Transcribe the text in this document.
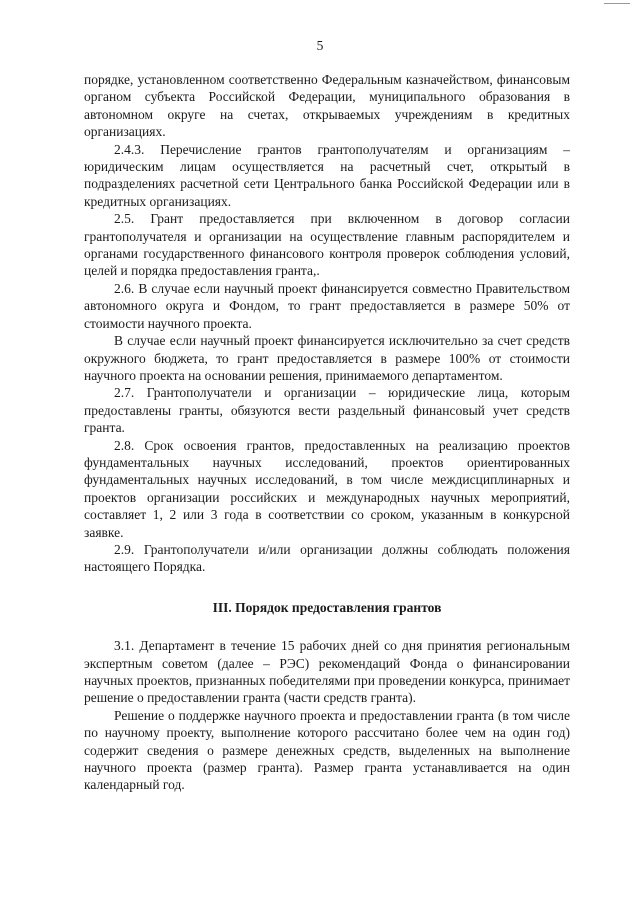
5

порядке, установленном соответственно Федеральным казначейством, финансовым органом субъекта Российской Федерации, муниципального образования в автономном округе на счетах, открываемых учреждениям в кредитных организациях.

2.4.3. Перечисление грантов грантополучателям и организациям – юридическим лицам осуществляется на расчетный счет, открытый в подразделениях расчетной сети Центрального банка Российской Федерации или в кредитных организациях.

2.5. Грант предоставляется при включенном в договор согласии грантополучателя и организации на осуществление главным распорядителем и органами государственного финансового контроля проверок соблюдения условий, целей и порядка предоставления гранта,.

2.6. В случае если научный проект финансируется совместно Правительством автономного округа и Фондом, то грант предоставляется в размере 50% от стоимости научного проекта.

В случае если научный проект финансируется исключительно за счет средств окружного бюджета, то грант предоставляется в размере 100% от стоимости научного проекта на основании решения, принимаемого департаментом.

2.7. Грантополучатели и организации – юридические лица, которым предоставлены гранты, обязуются вести раздельный финансовый учет средств гранта.

2.8. Срок освоения грантов, предоставленных на реализацию проектов фундаментальных научных исследований, проектов ориентированных фундаментальных научных исследований, в том числе междисциплинарных и проектов организации российских и международных научных мероприятий, составляет 1, 2 или 3 года в соответствии со сроком, указанным в конкурсной заявке.

2.9. Грантополучатели и/или организации должны соблюдать положения настоящего Порядка.

III. Порядок предоставления грантов

3.1. Департамент в течение 15 рабочих дней со дня принятия региональным экспертным советом (далее – РЭС) рекомендаций Фонда о финансировании научных проектов, признанных победителями при проведении конкурса, принимает решение о предоставлении гранта (части средств гранта).

Решение о поддержке научного проекта и предоставлении гранта (в том числе по научному проекту, выполнение которого рассчитано более чем на один год) содержит сведения о размере денежных средств, выделенных на выполнение научного проекта (размер гранта). Размер гранта устанавливается на один календарный год.
